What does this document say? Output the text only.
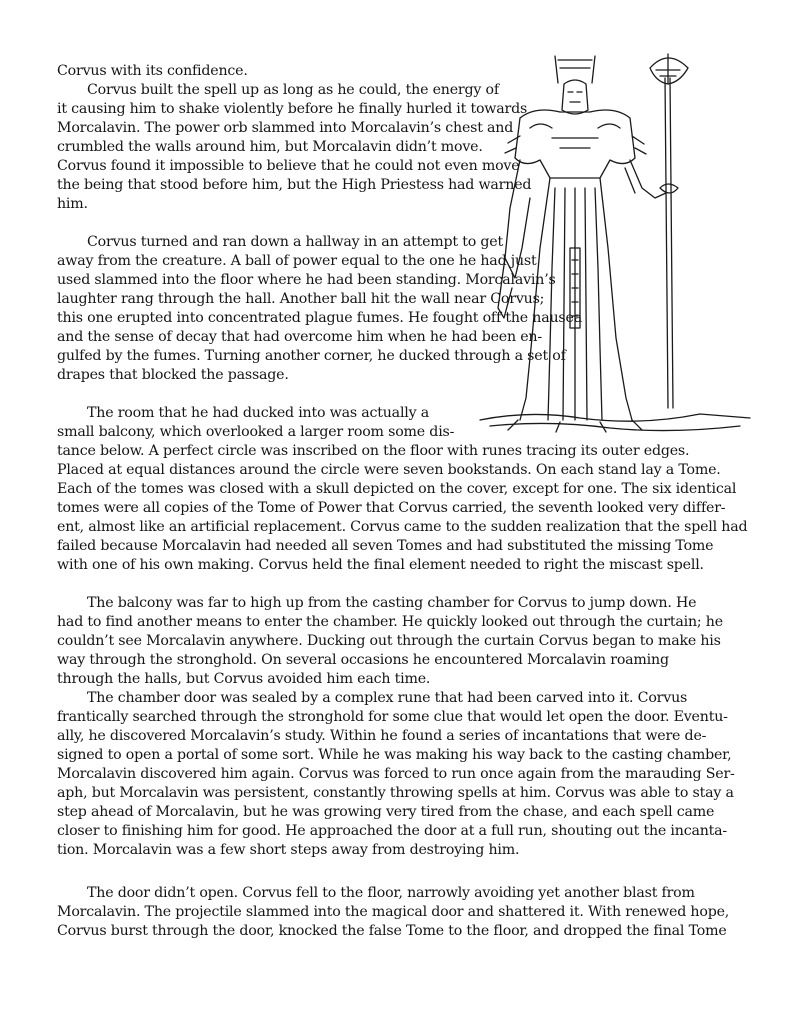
Corvus with its confidence.

Corvus built the spell up as long as he could, the energy of

it causing him to shake violently before he finally hurled it towards

Morcalavin. The power orb slammed into Morcalavin’s chest and

crumbled the walls around him, but Morcalavin didn’t move.

Corvus found it impossible to believe that he could not even move

the being that stood before him, but the High Priestess had warned

him.

Corvus turned and ran down a hallway in an attempt to get

away from the creature. A ball of power equal to the one he had just

used slammed into the floor where he had been standing. Morcalavin’s

laughter rang through the hall. Another ball hit the wall near Corvus;

this one erupted into concentrated plague fumes. He fought off the nausea

and the sense of decay that had overcome him when he had been en-

gulfed by the fumes. Turning another corner, he ducked through a set of

drapes that blocked the passage.

The room that he had ducked into was actually a

small balcony, which overlooked a larger room some dis-

tance below. A perfect circle was inscribed on the floor with runes tracing its outer edges.

Placed at equal distances around the circle were seven bookstands. On each stand lay a Tome.

Each of the tomes was closed with a skull depicted on the cover, except for one. The six identical

tomes were all copies of the Tome of Power that Corvus carried, the seventh looked very differ-

ent, almost like an artificial replacement. Corvus came to the sudden realization that the spell had

failed because Morcalavin had needed all seven Tomes and had substituted the missing Tome

with one of his own making. Corvus held the final element needed to right the miscast spell.

The balcony was far to high up from the casting chamber for Corvus to jump down. He

had to find another means to enter the chamber. He quickly looked out through the curtain; he

couldn’t see Morcalavin anywhere. Ducking out through the curtain Corvus began to make his

way through the stronghold. On several occasions he encountered Morcalavin roaming

through the halls, but Corvus avoided him each time.

The chamber door was sealed by a complex rune that had been carved into it. Corvus

frantically searched through the stronghold for some clue that would let open the door. Eventu-

ally, he discovered Morcalavin’s study. Within he found a series of incantations that were de-

signed to open a portal of some sort. While he was making his way back to the casting chamber,

Morcalavin discovered him again. Corvus was forced to run once again from the marauding Ser-

aph, but Morcalavin was persistent, constantly throwing spells at him. Corvus was able to stay a

step ahead of Morcalavin, but he was growing very tired from the chase, and each spell came

closer to finishing him for good. He approached the door at a full run, shouting out the incanta-

tion. Morcalavin was a few short steps away from destroying him.

The door didn’t open. Corvus fell to the floor, narrowly avoiding yet another blast from

Morcalavin. The projectile slammed into the magical door and shattered it. With renewed hope,

Corvus burst through the door, knocked the false Tome to the floor, and dropped the final Tome
